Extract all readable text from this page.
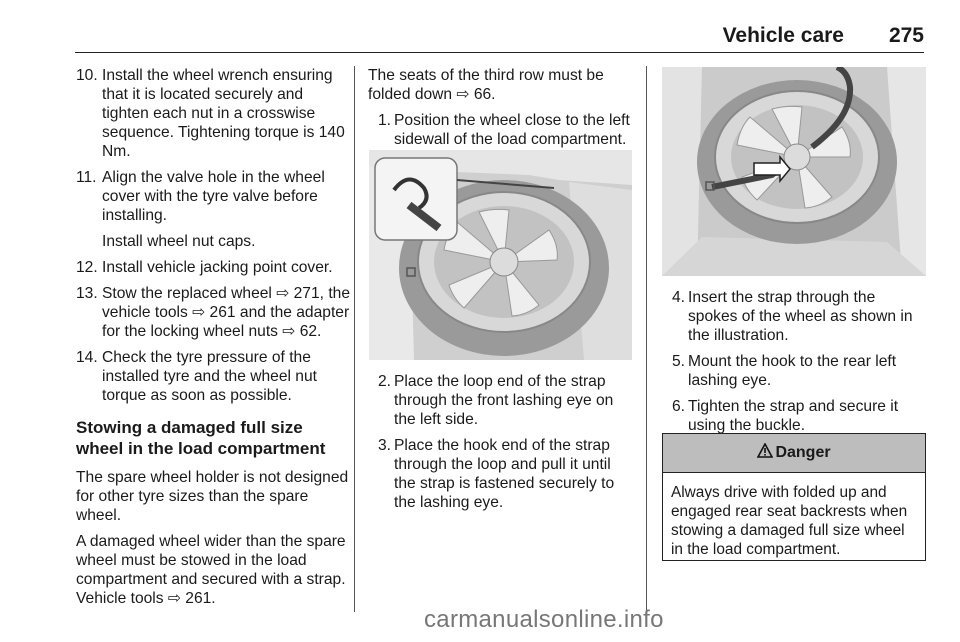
Vehicle care 275
10. Install the wheel wrench ensuring that it is located securely and tighten each nut in a crosswise sequence. Tightening torque is 140 Nm.
11. Align the valve hole in the wheel cover with the tyre valve before installing.
Install wheel nut caps.
12. Install vehicle jacking point cover.
13. Stow the replaced wheel ⇨ 271, the vehicle tools ⇨ 261 and the adapter for the locking wheel nuts ⇨ 62.
14. Check the tyre pressure of the installed tyre and the wheel nut torque as soon as possible.
Stowing a damaged full size wheel in the load compartment

The spare wheel holder is not designed for other tyre sizes than the spare wheel.

A damaged wheel wider than the spare wheel must be stowed in the load compartment and secured with a strap. Vehicle tools ⇨ 261.

The seats of the third row must be folded down ⇨ 66.

1. Position the wheel close to the left sidewall of the load compartment.
2. Place the loop end of the strap through the front lashing eye on the left side.
3. Place the hook end of the strap through the loop and pull it until the strap is fastened securely to the lashing eye.
4. Insert the strap through the spokes of the wheel as shown in the illustration.
5. Mount the hook to the rear left lashing eye.
6. Tighten the strap and secure it using the buckle.
Danger
Always drive with folded up and engaged rear seat backrests when stowing a damaged full size wheel in the load compartment.
carmanualsonline.info
